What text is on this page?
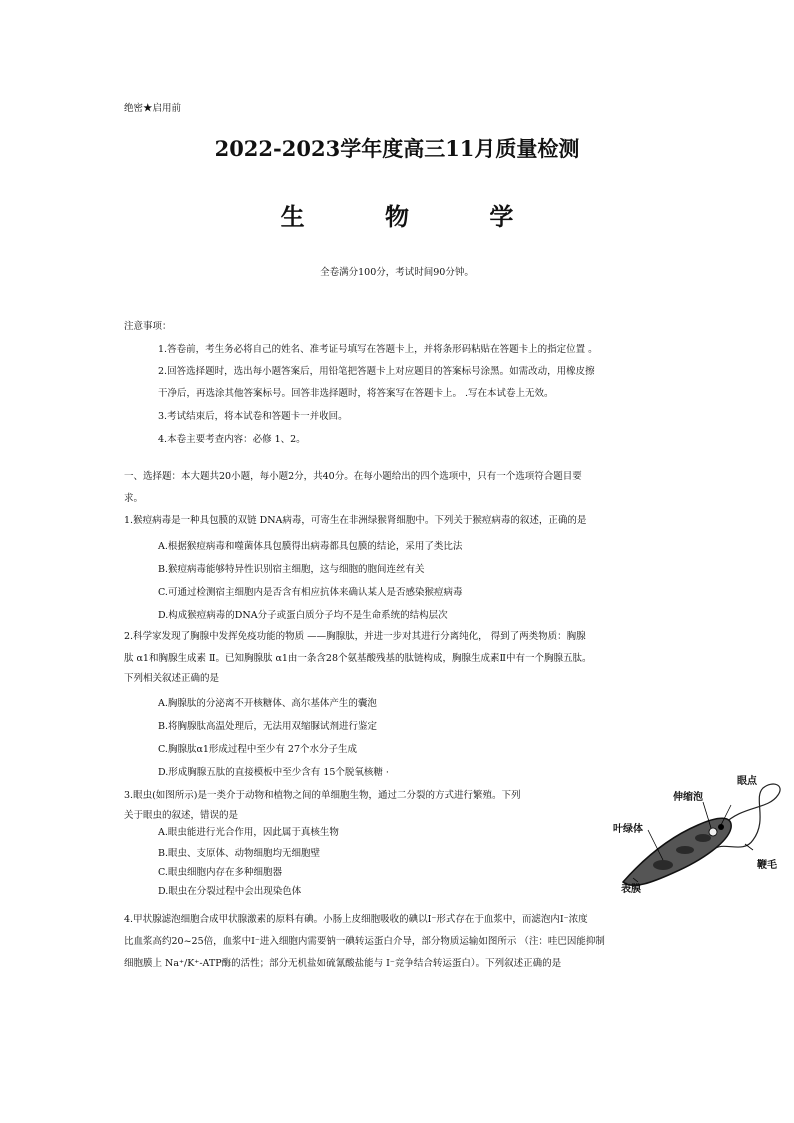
绝密★启用前
2022-2023学年度高三11月质量检测
生 物 学
全卷满分100分，考试时间90分钟。
注意事项：
1.答卷前，考生务必将自己的姓名、准考证号填写在答题卡上，并将条形码粘贴在答题卡上的指定位置 。
2.回答选择题时，选出每小题答案后，用铅笔把答题卡上对应题目的答案标号涂黑。如需改动，用橡皮擦
干净后，再选涂其他答案标号。回答非选择题时，将答案写在答题卡上。 .写在本试卷上无效。
3.考试结束后，将本试卷和答题卡一并收回。
4.本卷主要考查内容：必修 1、2。
一、选择题：本大题共20小题，每小题2分，共40分。在每小题给出的四个选项中，只有一个选项符合题目要
求。
1.猴痘病毒是一种具包膜的双链 DNA病毒，可寄生在非洲绿猴肾细胞中。下列关于猴痘病毒的叙述，正确的是
A.根据猴痘病毒和噬菌体具包膜得出病毒都具包膜的结论，采用了类比法
B.猴痘病毒能够特异性识别宿主细胞，这与细胞的胞间连丝有关
C.可通过检测宿主细胞内是否含有相应抗体来确认某人是否感染猴痘病毒
D.构成猴痘病毒的DNA分子或蛋白质分子均不是生命系统的结构层次
2.科学家发现了胸腺中发挥免疫功能的物质 ——胸腺肽，并进一步对其进行分离纯化， 得到了两类物质：胸腺
肽 α1和胸腺生成素 Ⅱ。已知胸腺肽 α1由一条含28个氨基酸残基的肽链构成，胸腺生成素Ⅱ中有一个胸腺五肽。
下列相关叙述正确的是
A.胸腺肽的分泌离不开核糖体、高尔基体产生的囊泡
B.将胸腺肽高温处理后，无法用双缩脲试剂进行鉴定
C.胸腺肽α1形成过程中至少有 27个水分子生成
D.形成胸腺五肽的直接模板中至少含有 15个脱氧核糖 ·
3.眼虫(如图所示)是一类介于动物和植物之间的单细胞生物，通过二分裂的方式进行繁殖。下列
关于眼虫的叙述，错误的是
A.眼虫能进行光合作用，因此属于真核生物
B.眼虫、支原体、动物细胞均无细胞壁
C.眼虫细胞内存在多种细胞器
D.眼虫在分裂过程中会出现染色体
眼点
伸缩泡
叶绿体
鞭毛
表膜
4.甲状腺滤泡细胞合成甲状腺激素的原料有碘。小肠上皮细胞吸收的碘以I⁻形式存在于血浆中，而滤泡内I⁻浓度
比血浆高约20~25倍，血浆中I⁻进入细胞内需要钠一碘转运蛋白介导，部分物质运输如图所示 （注：哇巴因能抑制
细胞膜上 Na⁺/K⁺-ATP酶的活性；部分无机盐如硫氰酸盐能与 I⁻竞争结合转运蛋白）。下列叙述正确的是
